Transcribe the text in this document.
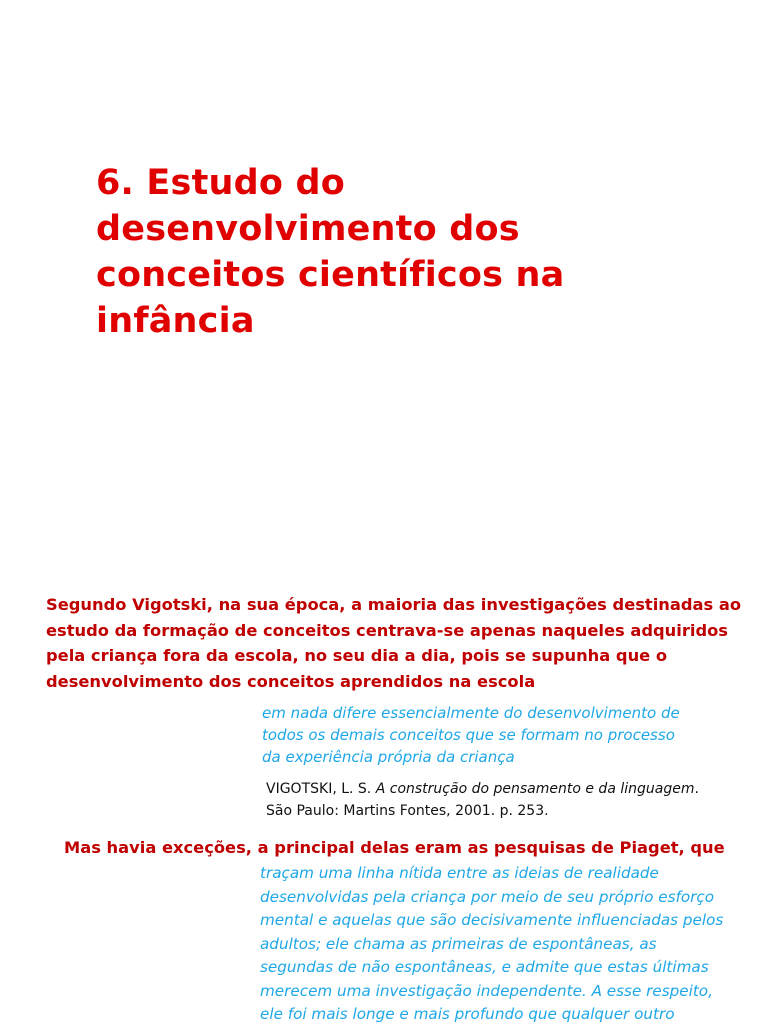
6. Estudo do
desenvolvimento dos
conceitos científicos na
infância

Segundo Vigotski, na sua época, a maioria das investigações destinadas ao
estudo da formação de conceitos centrava-se apenas naqueles adquiridos
pela criança fora da escola, no seu dia a dia, pois se supunha que o
desenvolvimento dos conceitos aprendidos na escola

em nada difere essencialmente do desenvolvimento de
todos os demais conceitos que se formam no processo
da experiência própria da criança

VIGOTSKI, L. S. A construção do pensamento e da linguagem.
São Paulo: Martins Fontes, 2001. p. 253.

Mas havia exceções, a principal delas eram as pesquisas de Piaget, que

traçam uma linha nítida entre as ideias de realidade
desenvolvidas pela criança por meio de seu próprio esforço
mental e aquelas que são decisivamente influenciadas pelos
adultos; ele chama as primeiras de espontâneas, as
segundas de não espontâneas, e admite que estas últimas
merecem uma investigação independente. A esse respeito,
ele foi mais longe e mais profundo que qualquer outro
